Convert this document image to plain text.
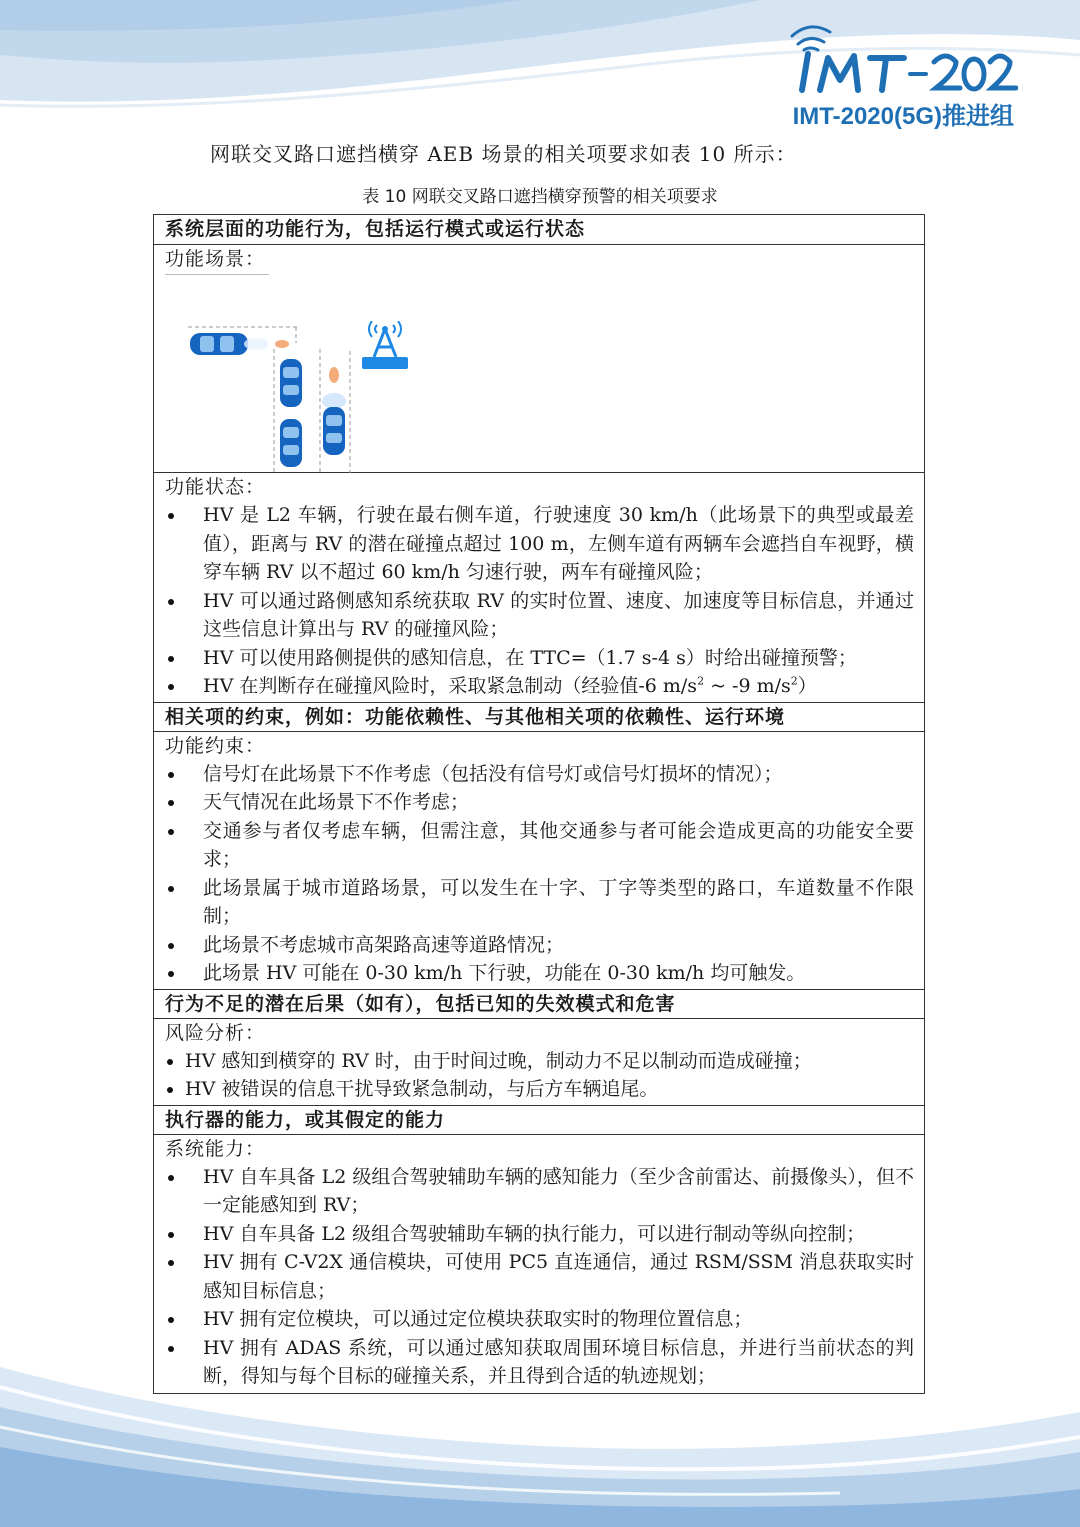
IMT-2020(5G)推进组
网联交叉路口遮挡横穿 AEB 场景的相关项要求如表 10 所示：
表 10 网联交叉路口遮挡横穿预警的相关项要求
系统层面的功能行为，包括运行模式或运行状态
功能场景：
功能状态：
HV 是 L2 车辆，行驶在最右侧车道，行驶速度 30 km/h（此场景下的典型或最差值），距离与 RV 的潜在碰撞点超过 100 m，左侧车道有两辆车会遮挡自车视野，横穿车辆 RV 以不超过 60 km/h 匀速行驶，两车有碰撞风险；
HV 可以通过路侧感知系统获取 RV 的实时位置、速度、加速度等目标信息，并通过这些信息计算出与 RV 的碰撞风险；
HV 可以使用路侧提供的感知信息，在 TTC=（1.7 s-4 s）时给出碰撞预警；
HV 在判断存在碰撞风险时，采取紧急制动（经验值-6 $m/s^2$ ~ -9 $m/s^2$）
相关项的约束，例如：功能依赖性、与其他相关项的依赖性、运行环境
功能约束：
信号灯在此场景下不作考虑（包括没有信号灯或信号灯损坏的情况）；
天气情况在此场景下不作考虑；
交通参与者仅考虑车辆，但需注意，其他交通参与者可能会造成更高的功能安全要求；
此场景属于城市道路场景，可以发生在十字、丁字等类型的路口，车道数量不作限制；
此场景不考虑城市高架路高速等道路情况；
此场景 HV 可能在 0-30 km/h 下行驶，功能在 0-30 km/h 均可触发。
行为不足的潜在后果（如有），包括已知的失效模式和危害
风险分析：
HV 感知到横穿的 RV 时，由于时间过晚，制动力不足以制动而造成碰撞；
HV 被错误的信息干扰导致紧急制动，与后方车辆追尾。
执行器的能力，或其假定的能力
系统能力：
HV 自车具备 L2 级组合驾驶辅助车辆的感知能力（至少含前雷达、前摄像头），但不一定能感知到 RV；
HV 自车具备 L2 级组合驾驶辅助车辆的执行能力，可以进行制动等纵向控制；
HV 拥有 C-V2X 通信模块，可使用 PC5 直连通信，通过 RSM/SSM 消息获取实时感知目标信息；
HV 拥有定位模块，可以通过定位模块获取实时的物理位置信息；
HV 拥有 ADAS 系统，可以通过感知获取周围环境目标信息，并进行当前状态的判断，得知与每个目标的碰撞关系，并且得到合适的轨迹规划；
